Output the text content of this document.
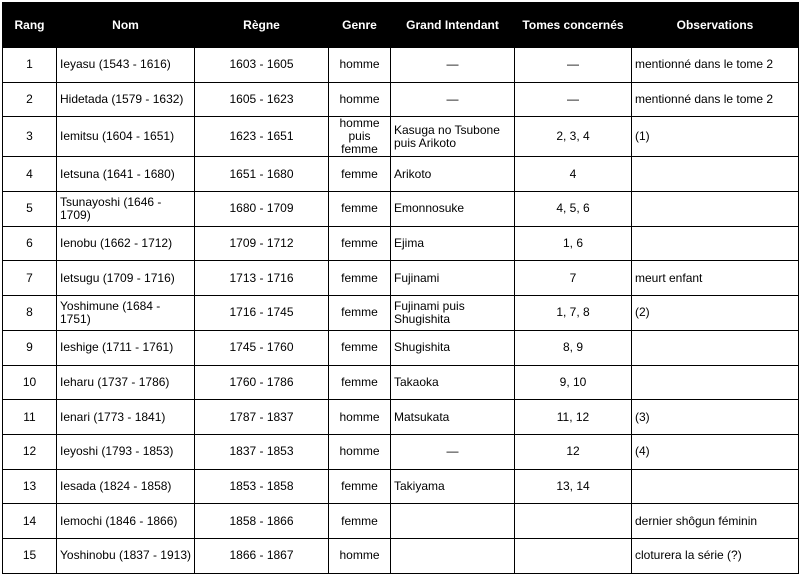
Rang	Nom	Règne	Genre	Grand Intendant	Tomes concernés	Observations
1	Ieyasu (1543 - 1616)	1603 - 1605	homme	—	—	mentionné dans le tome 2
2	Hidetada (1579 - 1632)	1605 - 1623	homme	—	—	mentionné dans le tome 2
3	Iemitsu (1604 - 1651)	1623 - 1651	homme puis femme	Kasuga no Tsubone puis Arikoto	2, 3, 4	(1)
4	Ietsuna (1641 - 1680)	1651 - 1680	femme	Arikoto	4	
5	Tsunayoshi (1646 - 1709)	1680 - 1709	femme	Emonnosuke	4, 5, 6	
6	Ienobu (1662 - 1712)	1709 - 1712	femme	Ejima	1, 6	
7	Ietsugu (1709 - 1716)	1713 - 1716	femme	Fujinami	7	meurt enfant
8	Yoshimune (1684 - 1751)	1716 - 1745	femme	Fujinami puis Shugishita	1, 7, 8	(2)
9	Ieshige (1711 - 1761)	1745 - 1760	femme	Shugishita	8, 9	
10	Ieharu (1737 - 1786)	1760 - 1786	femme	Takaoka	9, 10	
11	Ienari (1773 - 1841)	1787 - 1837	homme	Matsukata	11, 12	(3)
12	Ieyoshi (1793 - 1853)	1837 - 1853	homme	—	12	(4)
13	Iesada (1824 - 1858)	1853 - 1858	femme	Takiyama	13, 14	
14	Iemochi (1846 - 1866)	1858 - 1866	femme			dernier shôgun féminin
15	Yoshinobu (1837 - 1913)	1866 - 1867	homme			cloturera la série (?)
